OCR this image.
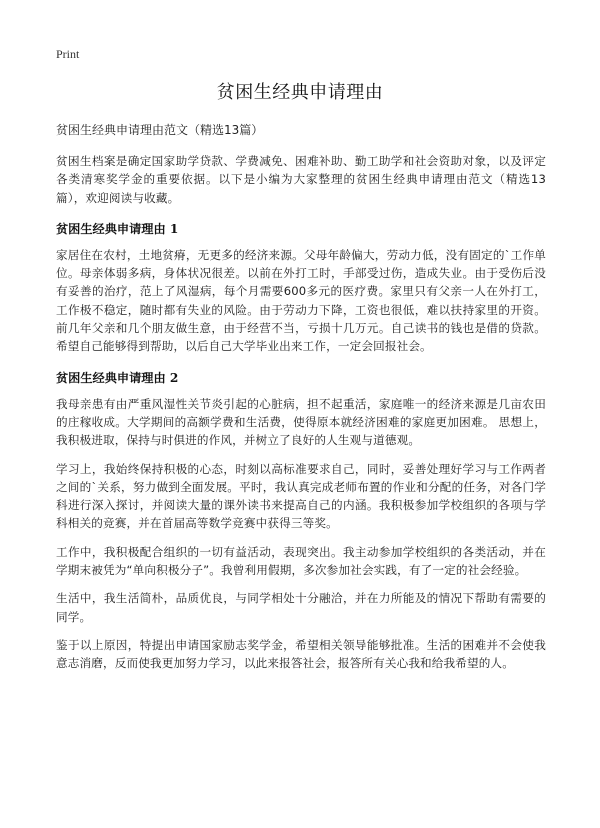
Print
贫困生经典申请理由
贫困生经典申请理由范文（精选13篇）
贫困生档案是确定国家助学贷款、学费减免、困难补助、勤工助学和社会资助对象，以及评定各类清寒奖学金的重要依据。以下是小编为大家整理的贫困生经典申请理由范文（精选13篇），欢迎阅读与收藏。
贫困生经典申请理由 1
家居住在农村，土地贫瘠，无更多的经济来源。父母年龄偏大，劳动力低，没有固定的`工作单位。母亲体弱多病，身体状况很差。以前在外打工时，手部受过伤，造成失业。由于受伤后没有妥善的治疗，范上了风湿病，每个月需要600多元的医疗费。家里只有父亲一人在外打工，工作极不稳定，随时都有失业的风险。由于劳动力下降，工资也很低，难以扶持家里的开资。前几年父亲和几个朋友做生意，由于经营不当，亏损十几万元。自己读书的钱也是借的贷款。希望自己能够得到帮助，以后自己大学毕业出来工作，一定会回报社会。
贫困生经典申请理由 2
我母亲患有由严重风湿性关节炎引起的心脏病，担不起重活，家庭唯一的经济来源是几亩农田的庄稼收成。大学期间的高额学费和生活费，使得原本就经济困难的家庭更加困难。 思想上，我积极进取，保持与时俱进的作风，并树立了良好的人生观与道德观。
学习上，我始终保持积极的心态，时刻以高标准要求自己，同时，妥善处理好学习与工作两者之间的`关系，努力做到全面发展。平时，我认真完成老师布置的作业和分配的任务，对各门学科进行深入探讨，并阅读大量的课外读书来提高自己的内涵。我积极参加学校组织的各项与学科相关的竞赛，并在首届高等数学竞赛中获得三等奖。
工作中，我积极配合组织的一切有益活动，表现突出。我主动参加学校组织的各类活动，并在学期末被凭为“单向积极分子”。我曾利用假期，多次参加社会实践，有了一定的社会经验。
生活中，我生活简朴，品质优良，与同学相处十分融洽，并在力所能及的情况下帮助有需要的同学。
鉴于以上原因，特提出申请国家励志奖学金，希望相关领导能够批准。生活的困难并不会使我意志消磨，反而使我更加努力学习，以此来报答社会，报答所有关心我和给我希望的人。
